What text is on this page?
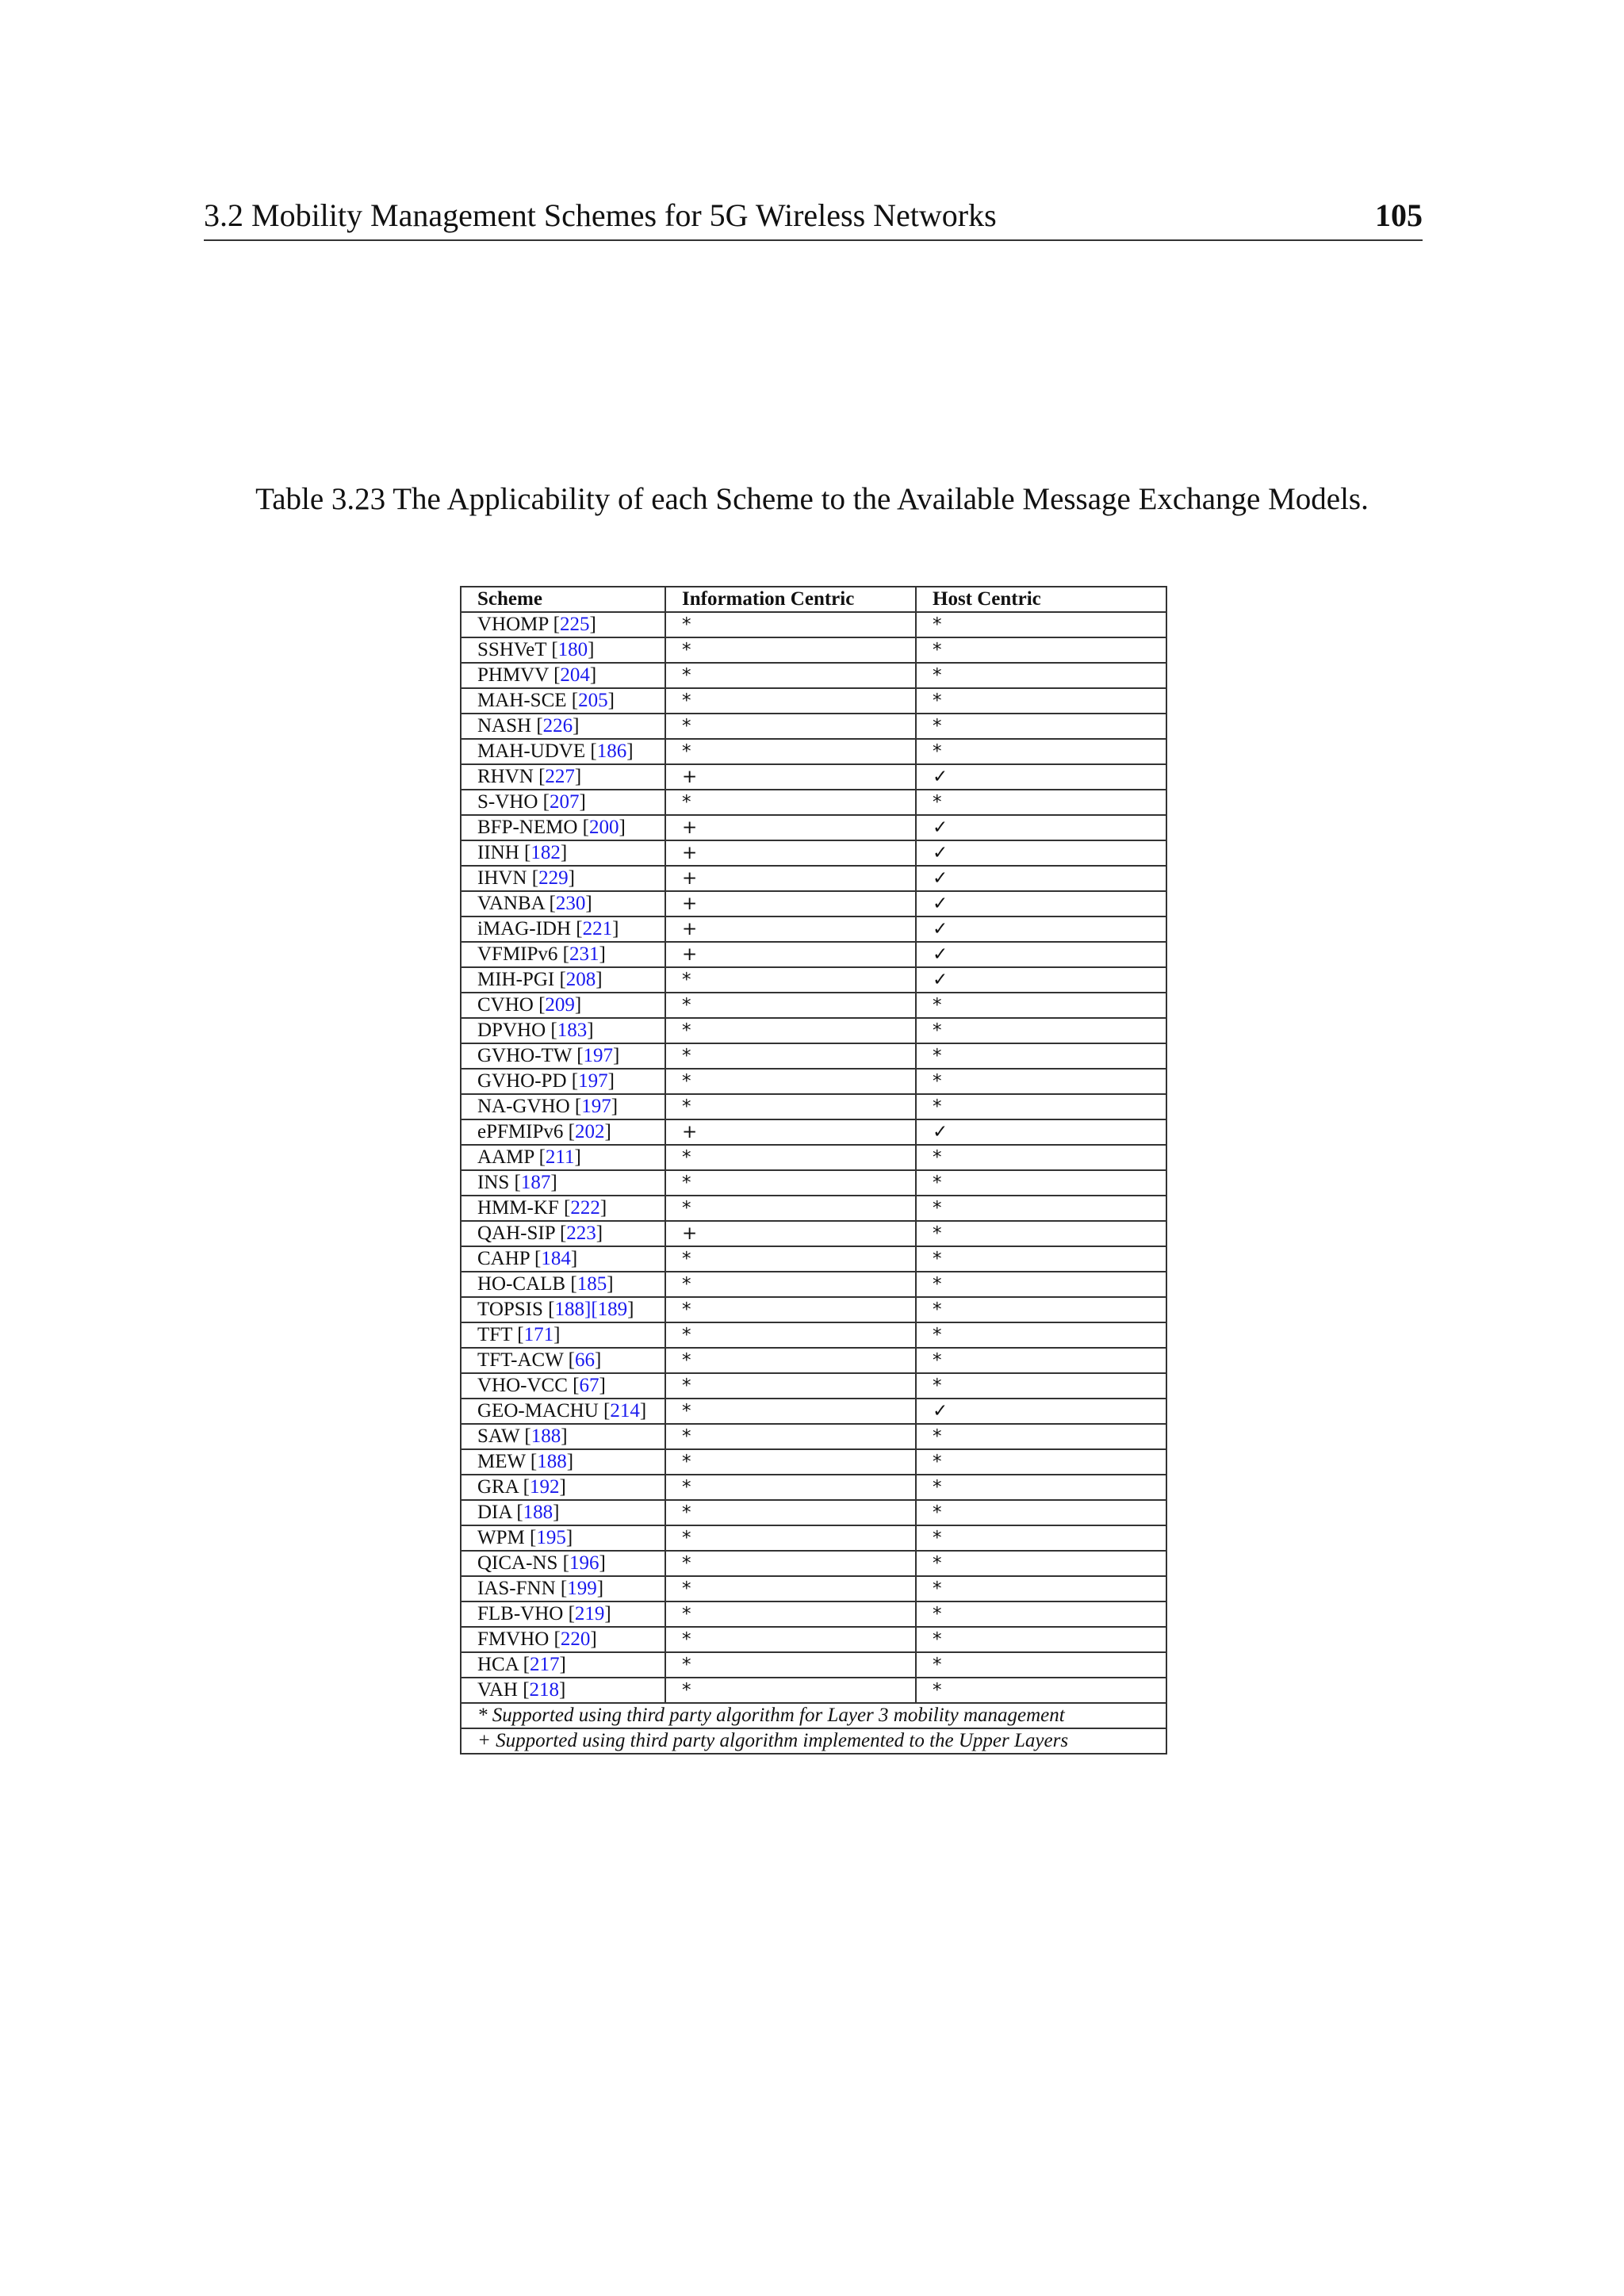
3.2 Mobility Management Schemes for 5G Wireless Networks	105
Table 3.23 The Applicability of each Scheme to the Available Message Exchange Models.
Scheme	Information Centric	Host Centric
VHOMP [225]	*	*
SSHVeT [180]	*	*
PHMVV [204]	*	*
MAH-SCE [205]	*	*
NASH [226]	*	*
MAH-UDVE [186]	*	*
RHVN [227]	+	✓
S-VHO [207]	*	*
BFP-NEMO [200]	+	✓
IINH [182]	+	✓
IHVN [229]	+	✓
VANBA [230]	+	✓
iMAG-IDH [221]	+	✓
VFMIPv6 [231]	+	✓
MIH-PGI [208]	*	✓
CVHO [209]	*	*
DPVHO [183]	*	*
GVHO-TW [197]	*	*
GVHO-PD [197]	*	*
NA-GVHO [197]	*	*
ePFMIPv6 [202]	+	✓
AAMP [211]	*	*
INS [187]	*	*
HMM-KF [222]	*	*
QAH-SIP [223]	+	*
CAHP [184]	*	*
HO-CALB [185]	*	*
TOPSIS [188][189]	*	*
TFT [171]	*	*
TFT-ACW [66]	*	*
VHO-VCC [67]	*	*
GEO-MACHU [214]	*	✓
SAW [188]	*	*
MEW [188]	*	*
GRA [192]	*	*
DIA [188]	*	*
WPM [195]	*	*
QICA-NS [196]	*	*
IAS-FNN [199]	*	*
FLB-VHO [219]	*	*
FMVHO [220]	*	*
HCA [217]	*	*
VAH [218]	*	*
* Supported using third party algorithm for Layer 3 mobility management		
+ Supported using third party algorithm implemented to the Upper Layers		
